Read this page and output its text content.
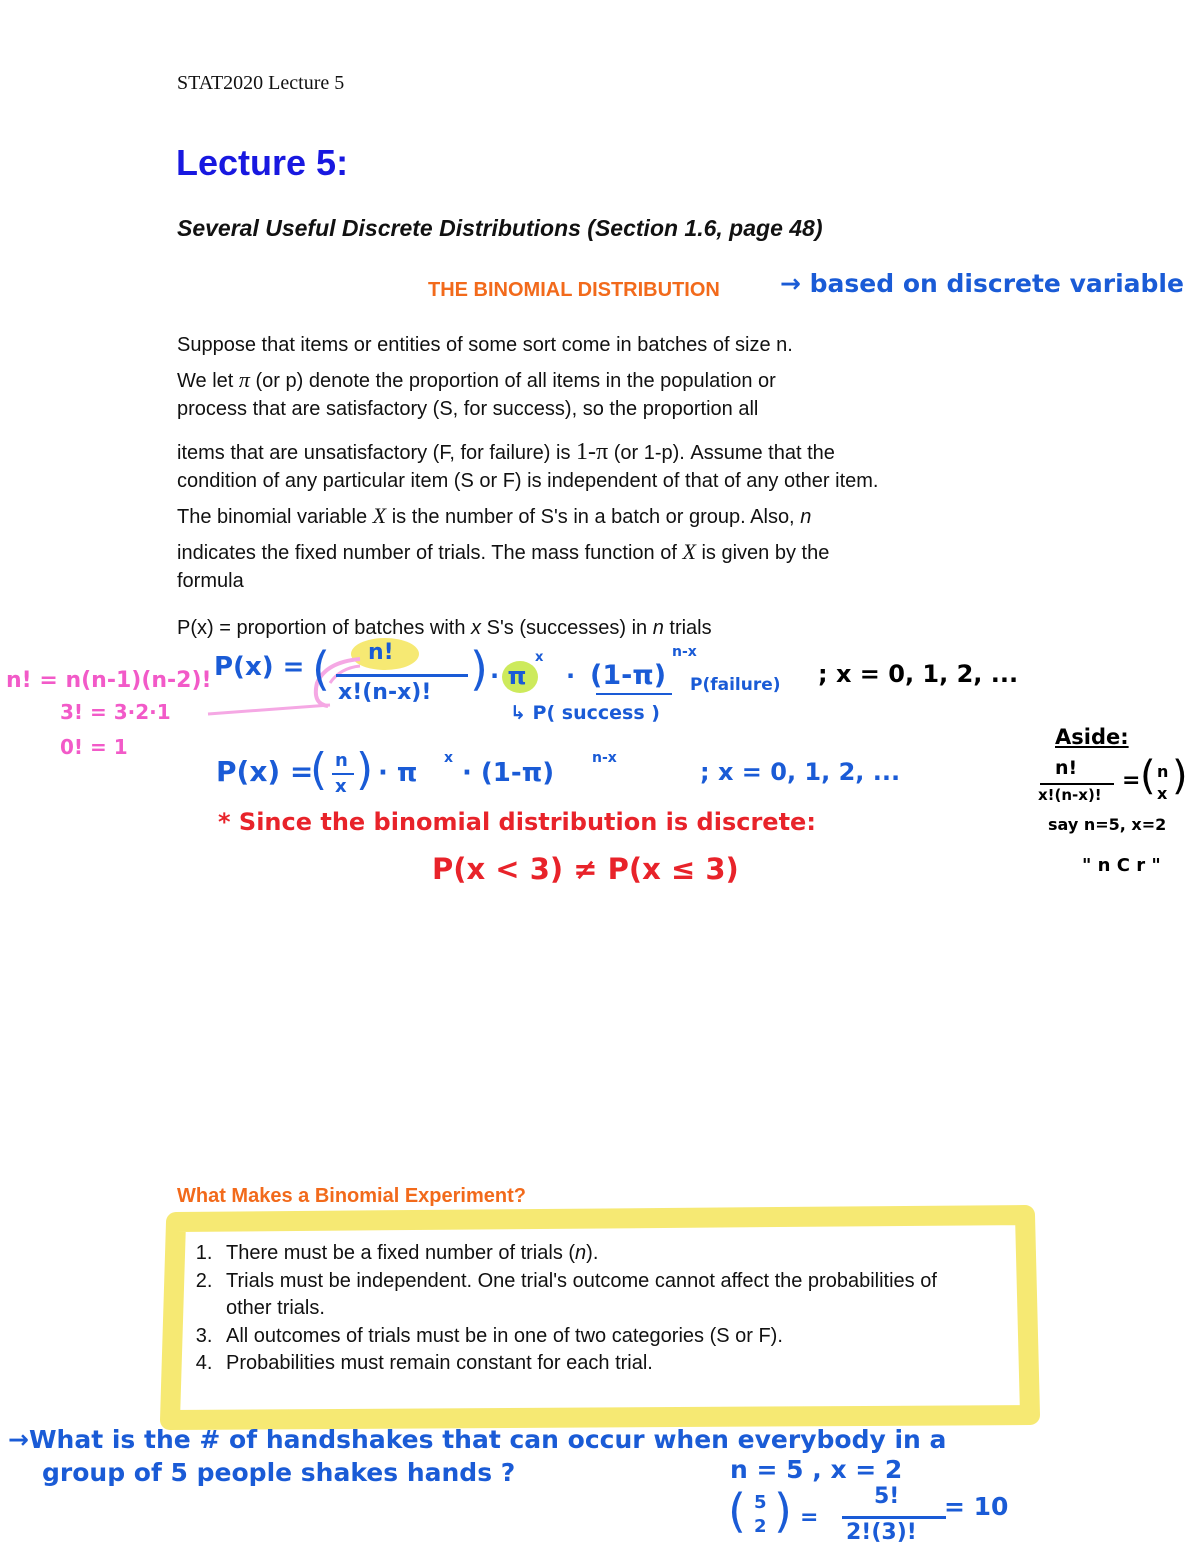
STAT2020 Lecture 5
Lecture 5:
Several Useful Discrete Distributions (Section 1.6, page 48)
THE BINOMIAL DISTRIBUTION → based on discrete variable
Suppose that items or entities of some sort come in batches of size n.
We let π (or p) denote the proportion of all items in the population or
process that are satisfactory (S, for success), so the proportion all
items that are unsatisfactory (F, for failure) is 1-π (or 1-p). Assume that the
condition of any particular item (S or F) is independent of that of any other item.
The binomial variable X is the number of S's in a batch or group. Also, n
indicates the fixed number of trials. The mass function of X is given by the
formula
P(x) = proportion of batches with x S's (successes) in n trials
P(x) = ( n!
x!(n-x)! ) · π
x
· (1-π)
n-x
P(failure)
↳ P( success )
; x = 0, 1, 2, ...
n! = n(n-1)(n-2)!
3! = 3·2·1
0! = 1
P(x) =
( n
x ) · π x · (1-π)	n-x	; x = 0, 1, 2, ...
Aside:
n!
x!(n-x)!
= ( n
x )
say n=5, x=2
" n C r "
* Since the binomial distribution is discrete:
P(x < 3) ≠ P(x ≤ 3)
What Makes a Binomial Experiment?
1. There must be a fixed number of trials (n).
2. Trials must be independent. One trial's outcome cannot affect the probabilities of other trials.
3. All outcomes of trials must be in one of two categories (S or F).
4. Probabilities must remain constant for each trial.
→What is the # of handshakes that can occur when everybody in a
group of 5 people shakes hands ?	n = 5 , x = 2
( 5
2 ) =
5!
2!(3)!
= 10
